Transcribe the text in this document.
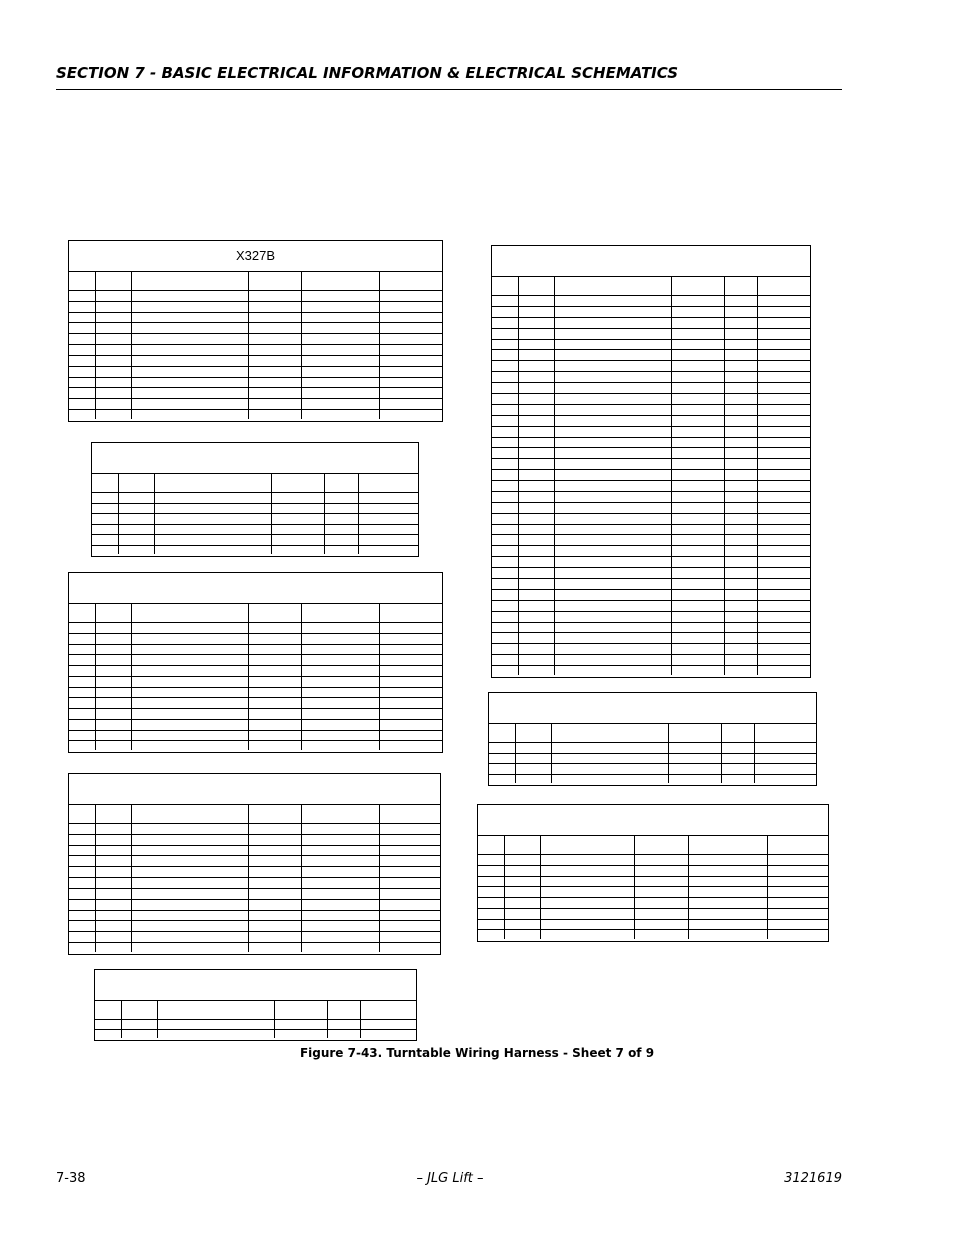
SECTION 7 - BASIC ELECTRICAL INFORMATION & ELECTRICAL SCHEMATICS
X327B
Figure 7-43. Turntable Wiring Harness - Sheet 7 of 9
7-38	– JLG Lift –	3121619
